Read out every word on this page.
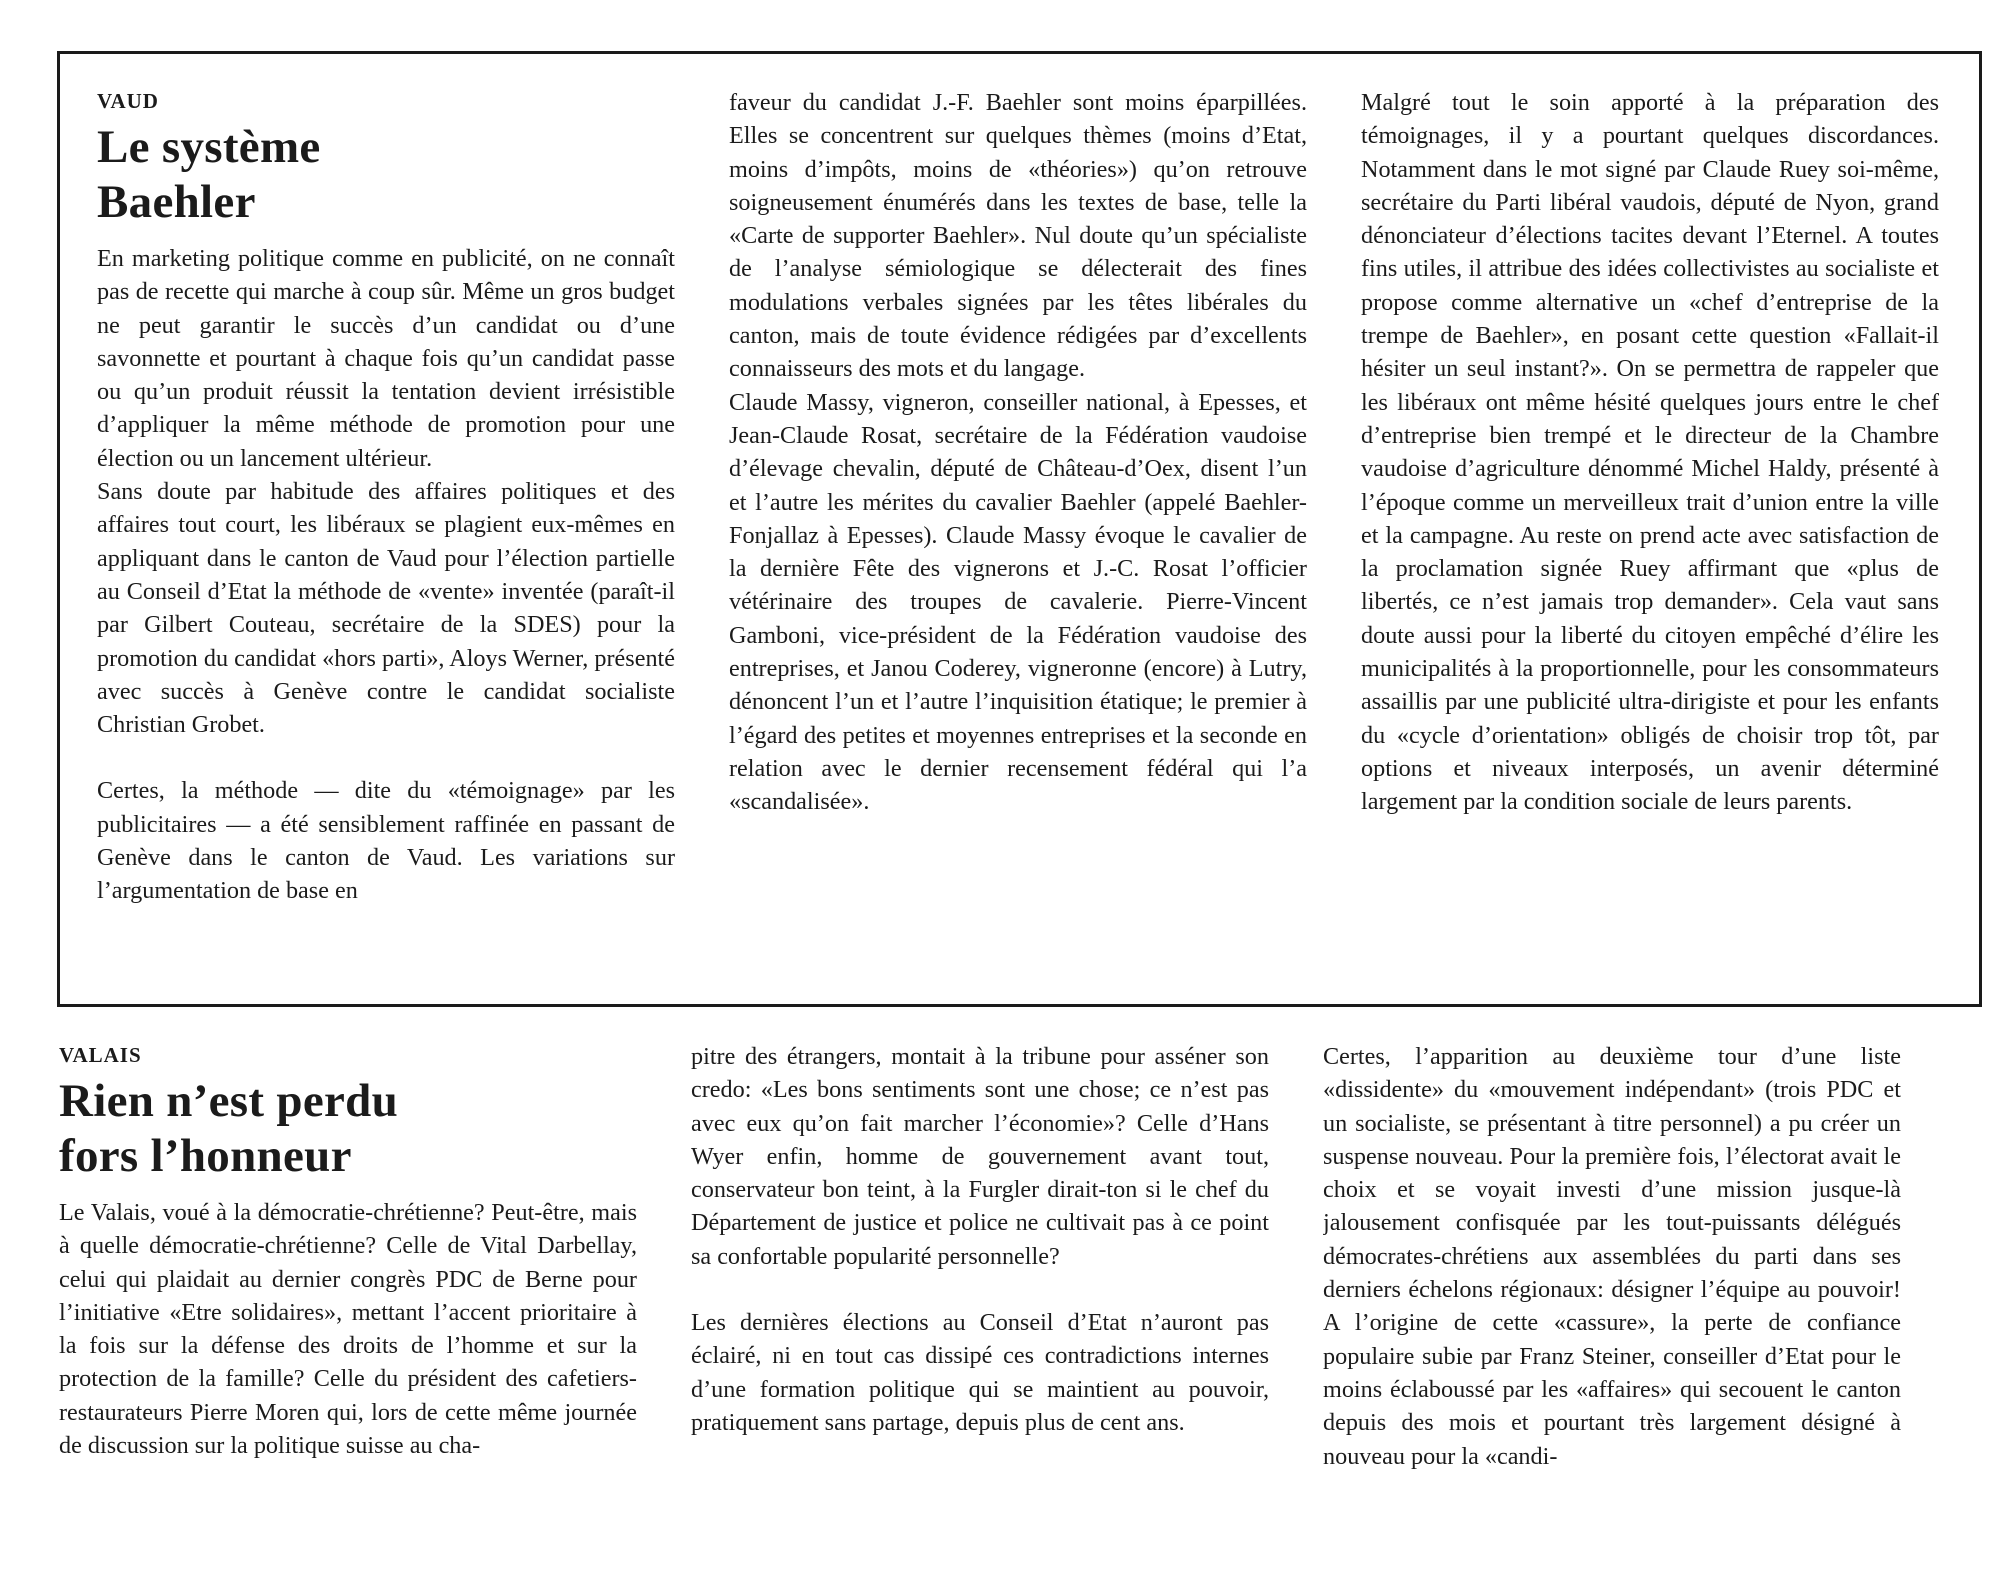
VAUD
Le système
Baehler

En marketing politique comme en publicité, on ne connaît pas de recette qui marche à coup sûr. Même un gros budget ne peut garantir le succès d’un candidat ou d’une savonnette et pourtant à chaque fois qu’un candidat passe ou qu’un produit réussit la tentation devient irrésistible d’appliquer la même méthode de promotion pour une élection ou un lancement ultérieur.

Sans doute par habitude des affaires politiques et des affaires tout court, les libéraux se plagient eux-mêmes en appliquant dans le canton de Vaud pour l’élection partielle au Conseil d’Etat la méthode de «vente» inventée (paraît-il par Gilbert Couteau, secrétaire de la SDES) pour la promotion du candidat «hors parti», Aloys Werner, présenté avec succès à Genève contre le candidat socialiste Christian Grobet.

Certes, la méthode — dite du «témoignage» par les publicitaires — a été sensiblement raffinée en passant de Genève dans le canton de Vaud. Les variations sur l’argumentation de base en

faveur du candidat J.-F. Baehler sont moins éparpillées. Elles se concentrent sur quelques thèmes (moins d’Etat, moins d’impôts, moins de «théories») qu’on retrouve soigneusement énumérés dans les textes de base, telle la «Carte de supporter Baehler». Nul doute qu’un spécialiste de l’analyse sémiologique se délecterait des fines modulations verbales signées par les têtes libérales du canton, mais de toute évidence rédigées par d’excellents connaisseurs des mots et du langage.

Claude Massy, vigneron, conseiller national, à Epesses, et Jean-Claude Rosat, secrétaire de la Fédération vaudoise d’élevage chevalin, député de Château-d’Oex, disent l’un et l’autre les mérites du cavalier Baehler (appelé Baehler-Fonjallaz à Epesses). Claude Massy évoque le cavalier de la dernière Fête des vignerons et J.-C. Rosat l’officier vétérinaire des troupes de cavalerie. Pierre-Vincent Gamboni, vice-président de la Fédération vaudoise des entreprises, et Janou Coderey, vigneronne (encore) à Lutry, dénoncent l’un et l’autre l’inquisition étatique; le premier à l’égard des petites et moyennes entreprises et la seconde en relation avec le dernier recensement fédéral qui l’a «scandalisée».

Malgré tout le soin apporté à la préparation des témoignages, il y a pourtant quelques discordances. Notamment dans le mot signé par Claude Ruey soi-même, secrétaire du Parti libéral vaudois, député de Nyon, grand dénonciateur d’élections tacites devant l’Eternel. A toutes fins utiles, il attribue des idées collectivistes au socialiste et propose comme alternative un «chef d’entreprise de la trempe de Baehler», en posant cette question «Fallait-il hésiter un seul instant?». On se permettra de rappeler que les libéraux ont même hésité quelques jours entre le chef d’entreprise bien trempé et le directeur de la Chambre vaudoise d’agriculture dénommé Michel Haldy, présenté à l’époque comme un merveilleux trait d’union entre la ville et la campagne. Au reste on prend acte avec satisfaction de la proclamation signée Ruey affirmant que «plus de libertés, ce n’est jamais trop demander». Cela vaut sans doute aussi pour la liberté du citoyen empêché d’élire les municipalités à la proportionnelle, pour les consommateurs assaillis par une publicité ultra-dirigiste et pour les enfants du «cycle d’orientation» obligés de choisir trop tôt, par options et niveaux interposés, un avenir déterminé largement par la condition sociale de leurs parents.

VALAIS
Rien n’est perdu
fors l’honneur

Le Valais, voué à la démocratie-chrétienne? Peut-être, mais à quelle démocratie-chrétienne? Celle de Vital Darbellay, celui qui plaidait au dernier congrès PDC de Berne pour l’initiative «Etre solidaires», mettant l’accent prioritaire à la fois sur la défense des droits de l’homme et sur la protection de la famille? Celle du président des cafetiers-restaurateurs Pierre Moren qui, lors de cette même journée de discussion sur la politique suisse au cha-

pitre des étrangers, montait à la tribune pour asséner son credo: «Les bons sentiments sont une chose; ce n’est pas avec eux qu’on fait marcher l’économie»? Celle d’Hans Wyer enfin, homme de gouvernement avant tout, conservateur bon teint, à la Furgler dirait-ton si le chef du Département de justice et police ne cultivait pas à ce point sa confortable popularité personnelle?

Les dernières élections au Conseil d’Etat n’auront pas éclairé, ni en tout cas dissipé ces contradictions internes d’une formation politique qui se maintient au pouvoir, pratiquement sans partage, depuis plus de cent ans.

Certes, l’apparition au deuxième tour d’une liste «dissidente» du «mouvement indépendant» (trois PDC et un socialiste, se présentant à titre personnel) a pu créer un suspense nouveau. Pour la première fois, l’électorat avait le choix et se voyait investi d’une mission jusque-là jalousement confisquée par les tout-puissants délégués démocrates-chrétiens aux assemblées du parti dans ses derniers échelons régionaux: désigner l’équipe au pouvoir! A l’origine de cette «cassure», la perte de confiance populaire subie par Franz Steiner, conseiller d’Etat pour le moins éclaboussé par les «affaires» qui secouent le canton depuis des mois et pourtant très largement désigné à nouveau pour la «candi-
